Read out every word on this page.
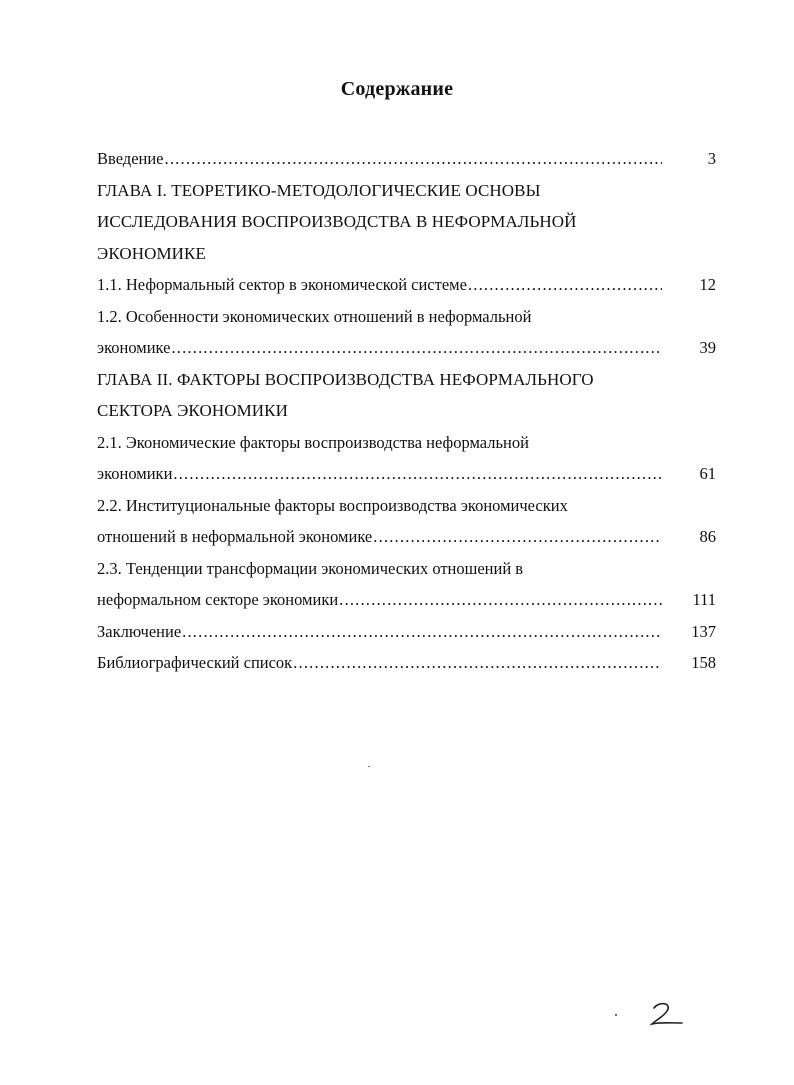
Содержание
3
Введение
.....
ГЛАВА I. ТЕОРЕТИКО-МЕТОДОЛОГИЧЕСКИЕ ОСНОВЫ
ИССЛЕДОВАНИЯ ВОСПРОИЗВОДСТВА В НЕФОРМАЛЬНОЙ
ЭКОНОМИКЕ
12
1.1. Неформальный сектор в экономической системе
.....
1.2. Особенности экономических отношений в неформальной
39
экономике
.....
ГЛАВА II. ФАКТОРЫ ВОСПРОИЗВОДСТВА НЕФОРМАЛЬНОГО
СЕКТОРА ЭКОНОМИКИ
2.1. Экономические факторы воспроизводства неформальной
61
экономики
.....
2.2. Институциональные факторы воспроизводства экономических
86
отношений в неформальной экономике
.....
2.3. Тенденции трансформации экономических отношений в
111
неформальном секторе экономики
.....
137
Заключение
.....
158
Библиографический список
.....
